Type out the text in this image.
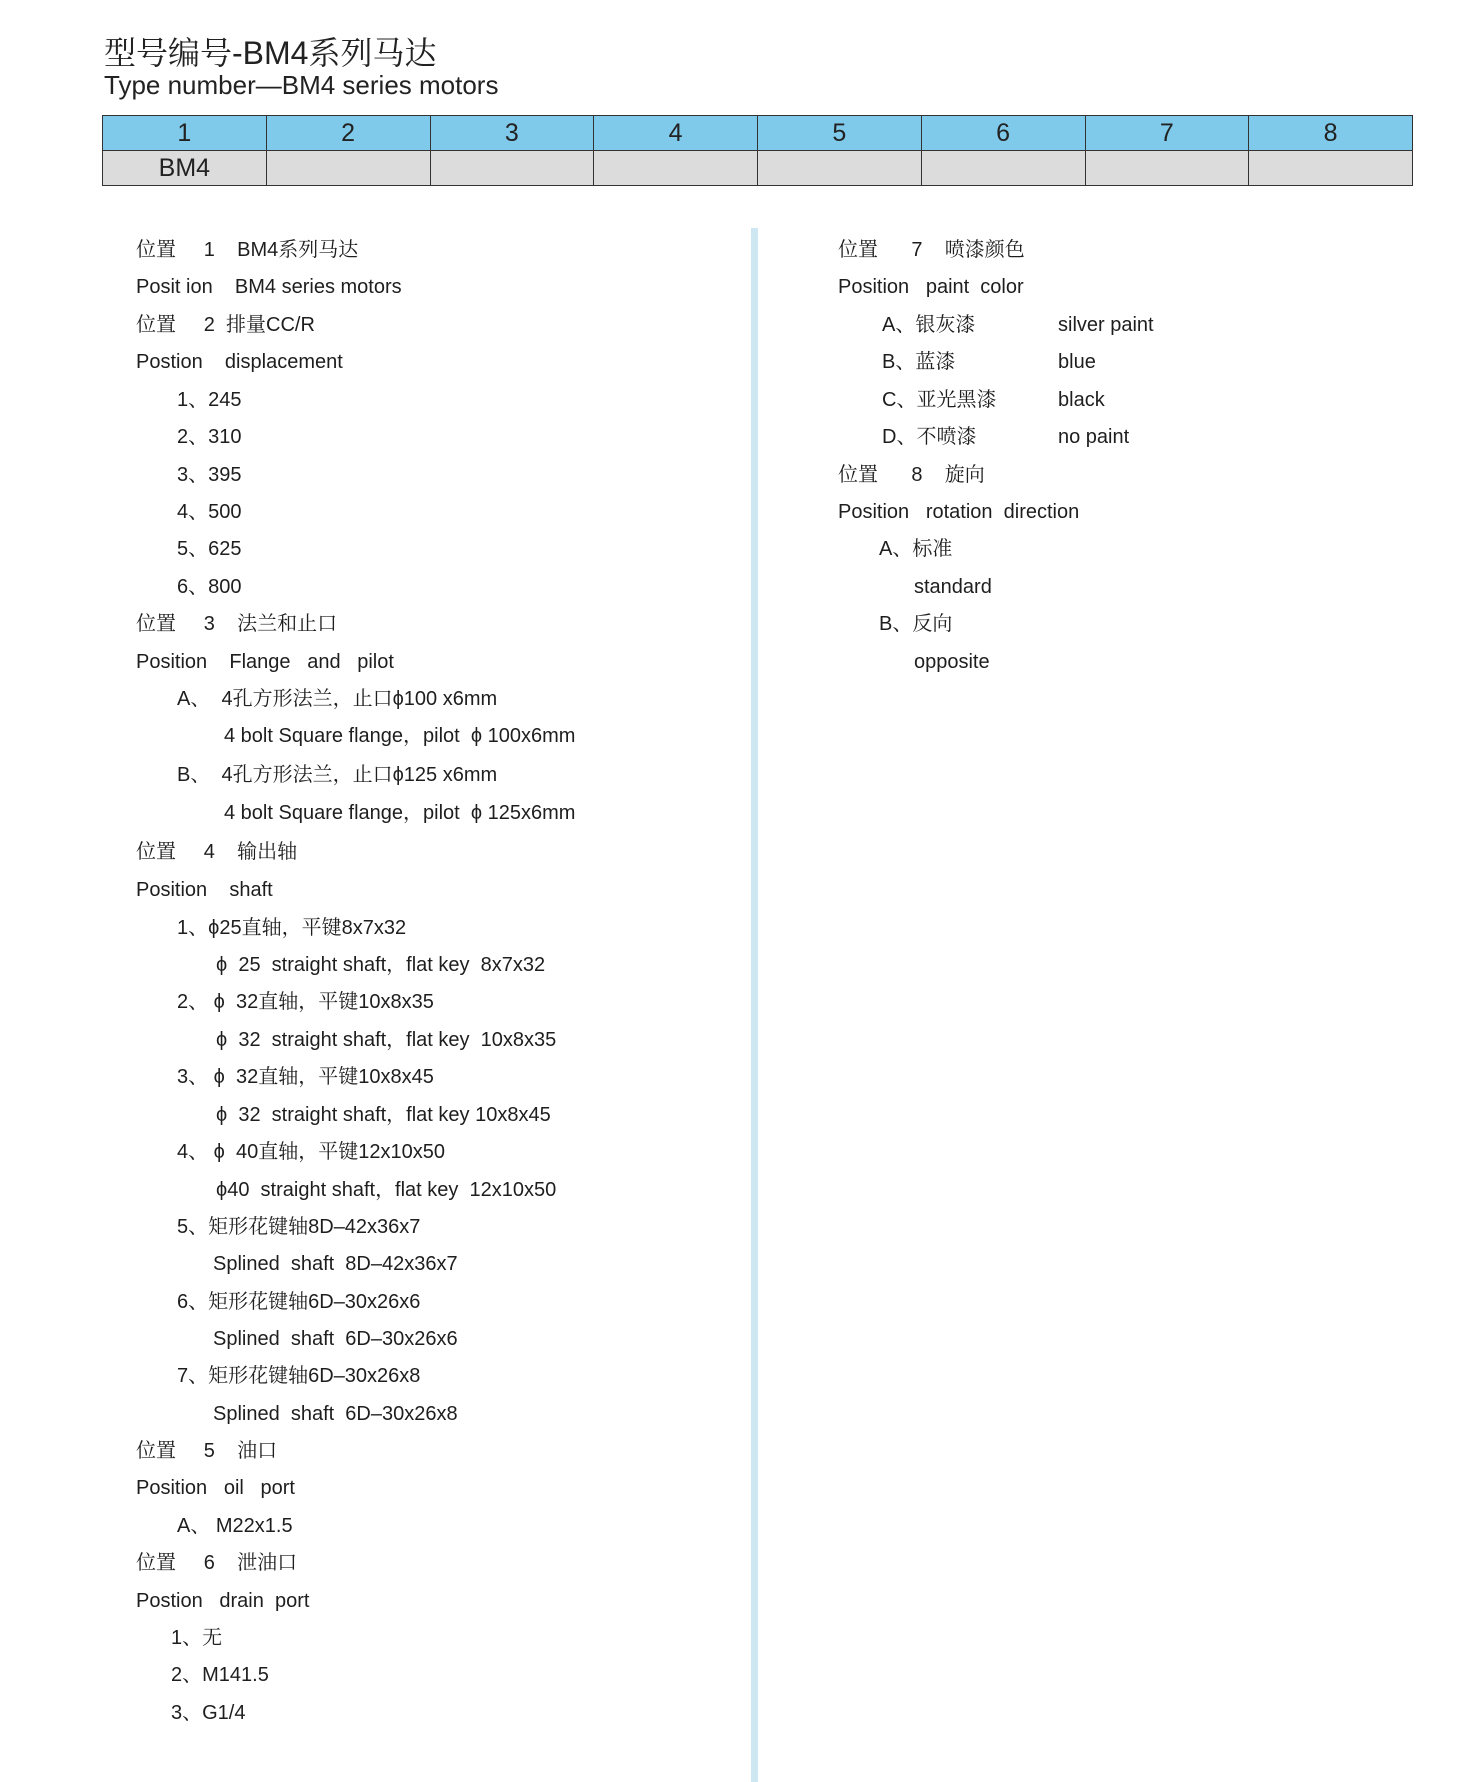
型号编号-BM4系列马达
Type number—BM4 series motors
1	2	3	4	5	6	7	8
BM4							
位置     1    BM4系列马达
Posit ion    BM4 series motors
位置     2  排量CC/R
Postion    displacement
1、245
2、310
3、395
4、500
5、625
6、800
位置     3    法兰和止口
Position    Flange   and   pilot
A、  4孔方形法兰，止口ϕ100 x6mm
4 bolt Square flange，pilot  ϕ 100x6mm
B、  4孔方形法兰，止口ϕ125 x6mm
4 bolt Square flange，pilot  ϕ 125x6mm
位置     4    输出轴
Position    shaft
1、ϕ25直轴，平键8x7x32
ϕ  25  straight shaft，flat key  8x7x32
2、 ϕ  32直轴，平键10x8x35
ϕ  32  straight shaft，flat key  10x8x35
3、 ϕ  32直轴，平键10x8x45
ϕ  32  straight shaft，flat key 10x8x45
4、 ϕ  40直轴，平键12x10x50
ϕ40  straight shaft，flat key  12x10x50
5、矩形花键轴8D–42x36x7
Splined  shaft  8D–42x36x7
6、矩形花键轴6D–30x26x6
Splined  shaft  6D–30x26x6
7、矩形花键轴6D–30x26x8
Splined  shaft  6D–30x26x8
位置     5    油口
Position   oil   port
A、 M22x1.5
位置     6    泄油口
Postion   drain  port
1、无
2、M141.5
3、G1/4
位置      7    喷漆颜色
Position   paint  color
A、银灰漆	silver paint
B、蓝漆	blue
C、亚光黑漆	black
D、不喷漆	no paint
位置      8    旋向
Position   rotation  direction
A、标准
standard
B、反向
opposite
